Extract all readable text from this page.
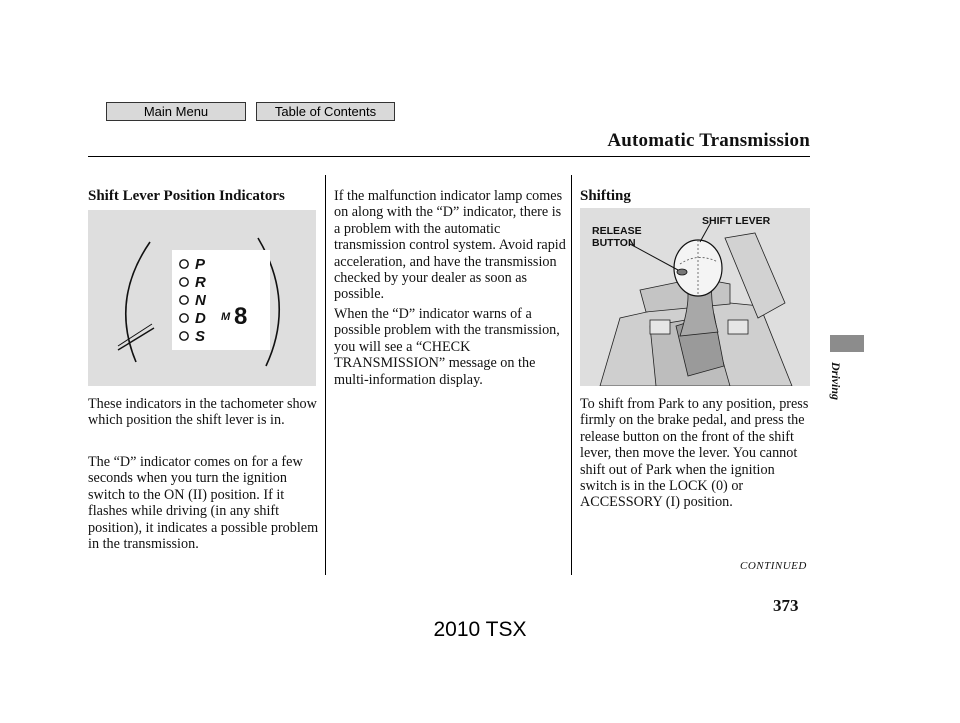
Main Menu	Table of Contents
Automatic Transmission
Shift Lever Position Indicators
P
R
N
D
S
M 8

These indicators in the tachometer show which position the shift lever is in.

The “D” indicator comes on for a few seconds when you turn the ignition switch to the ON (II) position. If it flashes while driving (in any shift position), it indicates a possible problem in the transmission.

If the malfunction indicator lamp comes on along with the “D” indicator, there is a problem with the automatic transmission control system. Avoid rapid acceleration, and have the transmission checked by your dealer as soon as possible.

When the “D” indicator warns of a possible problem with the transmission, you will see a “CHECK TRANSMISSION” message on the multi-information display.

Shifting
RELEASE
BUTTON
SHIFT LEVER

To shift from Park to any position, press firmly on the brake pedal, and press the release button on the front of the shift lever, then move the lever. You cannot shift out of Park when the ignition switch is in the LOCK (0) or ACCESSORY (I) position.

Driving
CONTINUED
373
2010 TSX
